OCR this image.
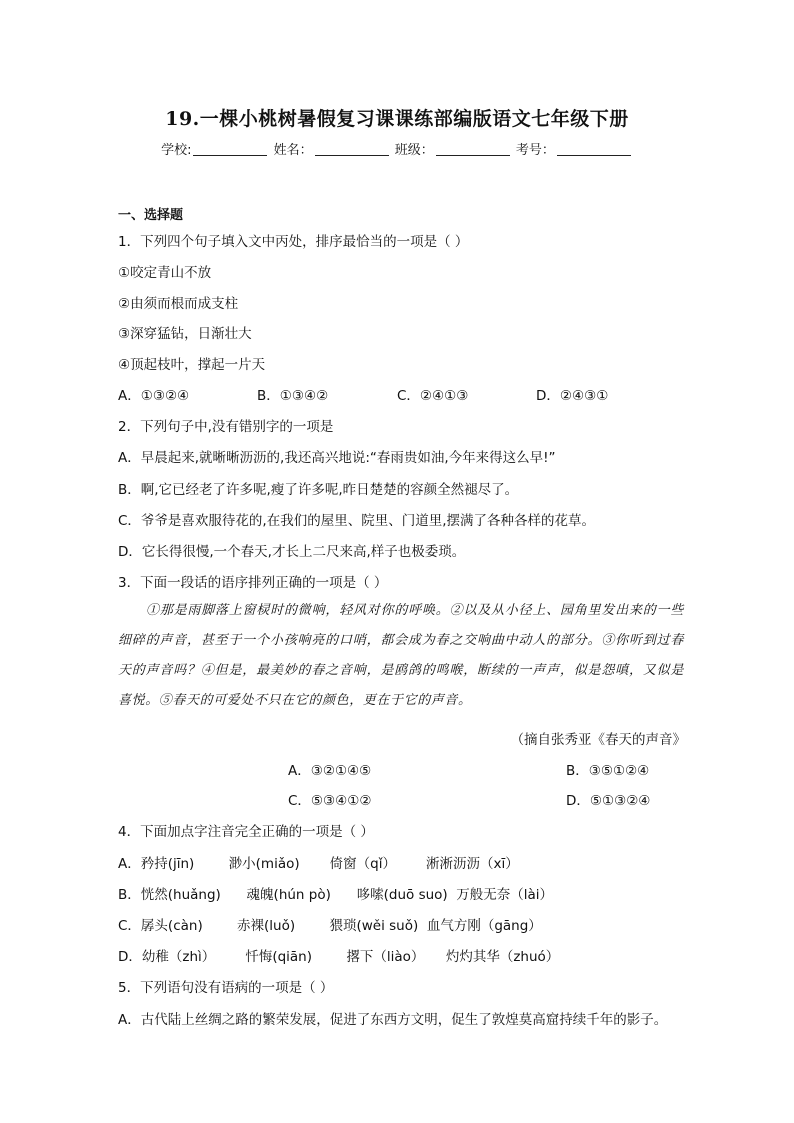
19.一棵小桃树暑假复习课课练部编版语文七年级下册
学校:	姓名：	班级：	考号：
一、选择题
1．下列四个句子填入文中丙处，排序最恰当的一项是（ ）
①咬定青山不放
②由须而根而成支柱
③深穿猛钻，日渐壮大
④顶起枝叶，撑起一片天
A．①③②④	B．①③④②	C．②④①③	D．②④③①
2．下列句子中,没有错别字的一项是
A．早晨起来,就晰晰沥沥的,我还高兴地说:“春雨贵如油,今年来得这么早!”
B．啊,它已经老了许多呢,瘦了许多呢,昨日楚楚的容颜全然褪尽了。
C．爷爷是喜欢服待花的,在我们的屋里、院里、门道里,摆满了各种各样的花草。
D．它长得很慢,一个春天,才长上二尺来高,样子也极委琐。
3．下面一段话的语序排列正确的一项是（ ）
①那是雨脚落上窗棂时的微响，轻风对你的呼唤。②以及从小径上、园角里发出来的一些细碎的声音，甚至于一个小孩响亮的口哨，都会成为春之交响曲中动人的部分。③你听到过春天的声音吗？④但是，最美妙的春之音响，是鸥鸽的鸣喉，断续的一声声，似是怨嗔，又似是喜悦。⑤春天的可爱处不只在它的颜色，更在于它的声音。
（摘自张秀亚《春天的声音》
A．③②①④⑤	B．③⑤①②④
C．⑤③④①②	D．⑤①③②④
4．下面加点字注音完全正确的一项是（ ）
A．矜持(jīn)        渺小(miǎo)       倚窗（qǐ）       淅淅沥沥（xī）
B．恍然(huǎng)      魂魄(hún pò)      哆嗦(duō suo)  万般无奈（lài）
C．孱头(càn)        赤裸(luǒ)        猥琐(wěi suǒ)  血气方刚（gāng）
D．幼稚（zhì）       忏悔(qiān)        撂下（liào）     灼灼其华（zhuó）
5．下列语句没有语病的一项是（ ）
A．古代陆上丝绸之路的繁荣发展，促进了东西方文明，促生了敦煌莫高窟持续千年的影子。
